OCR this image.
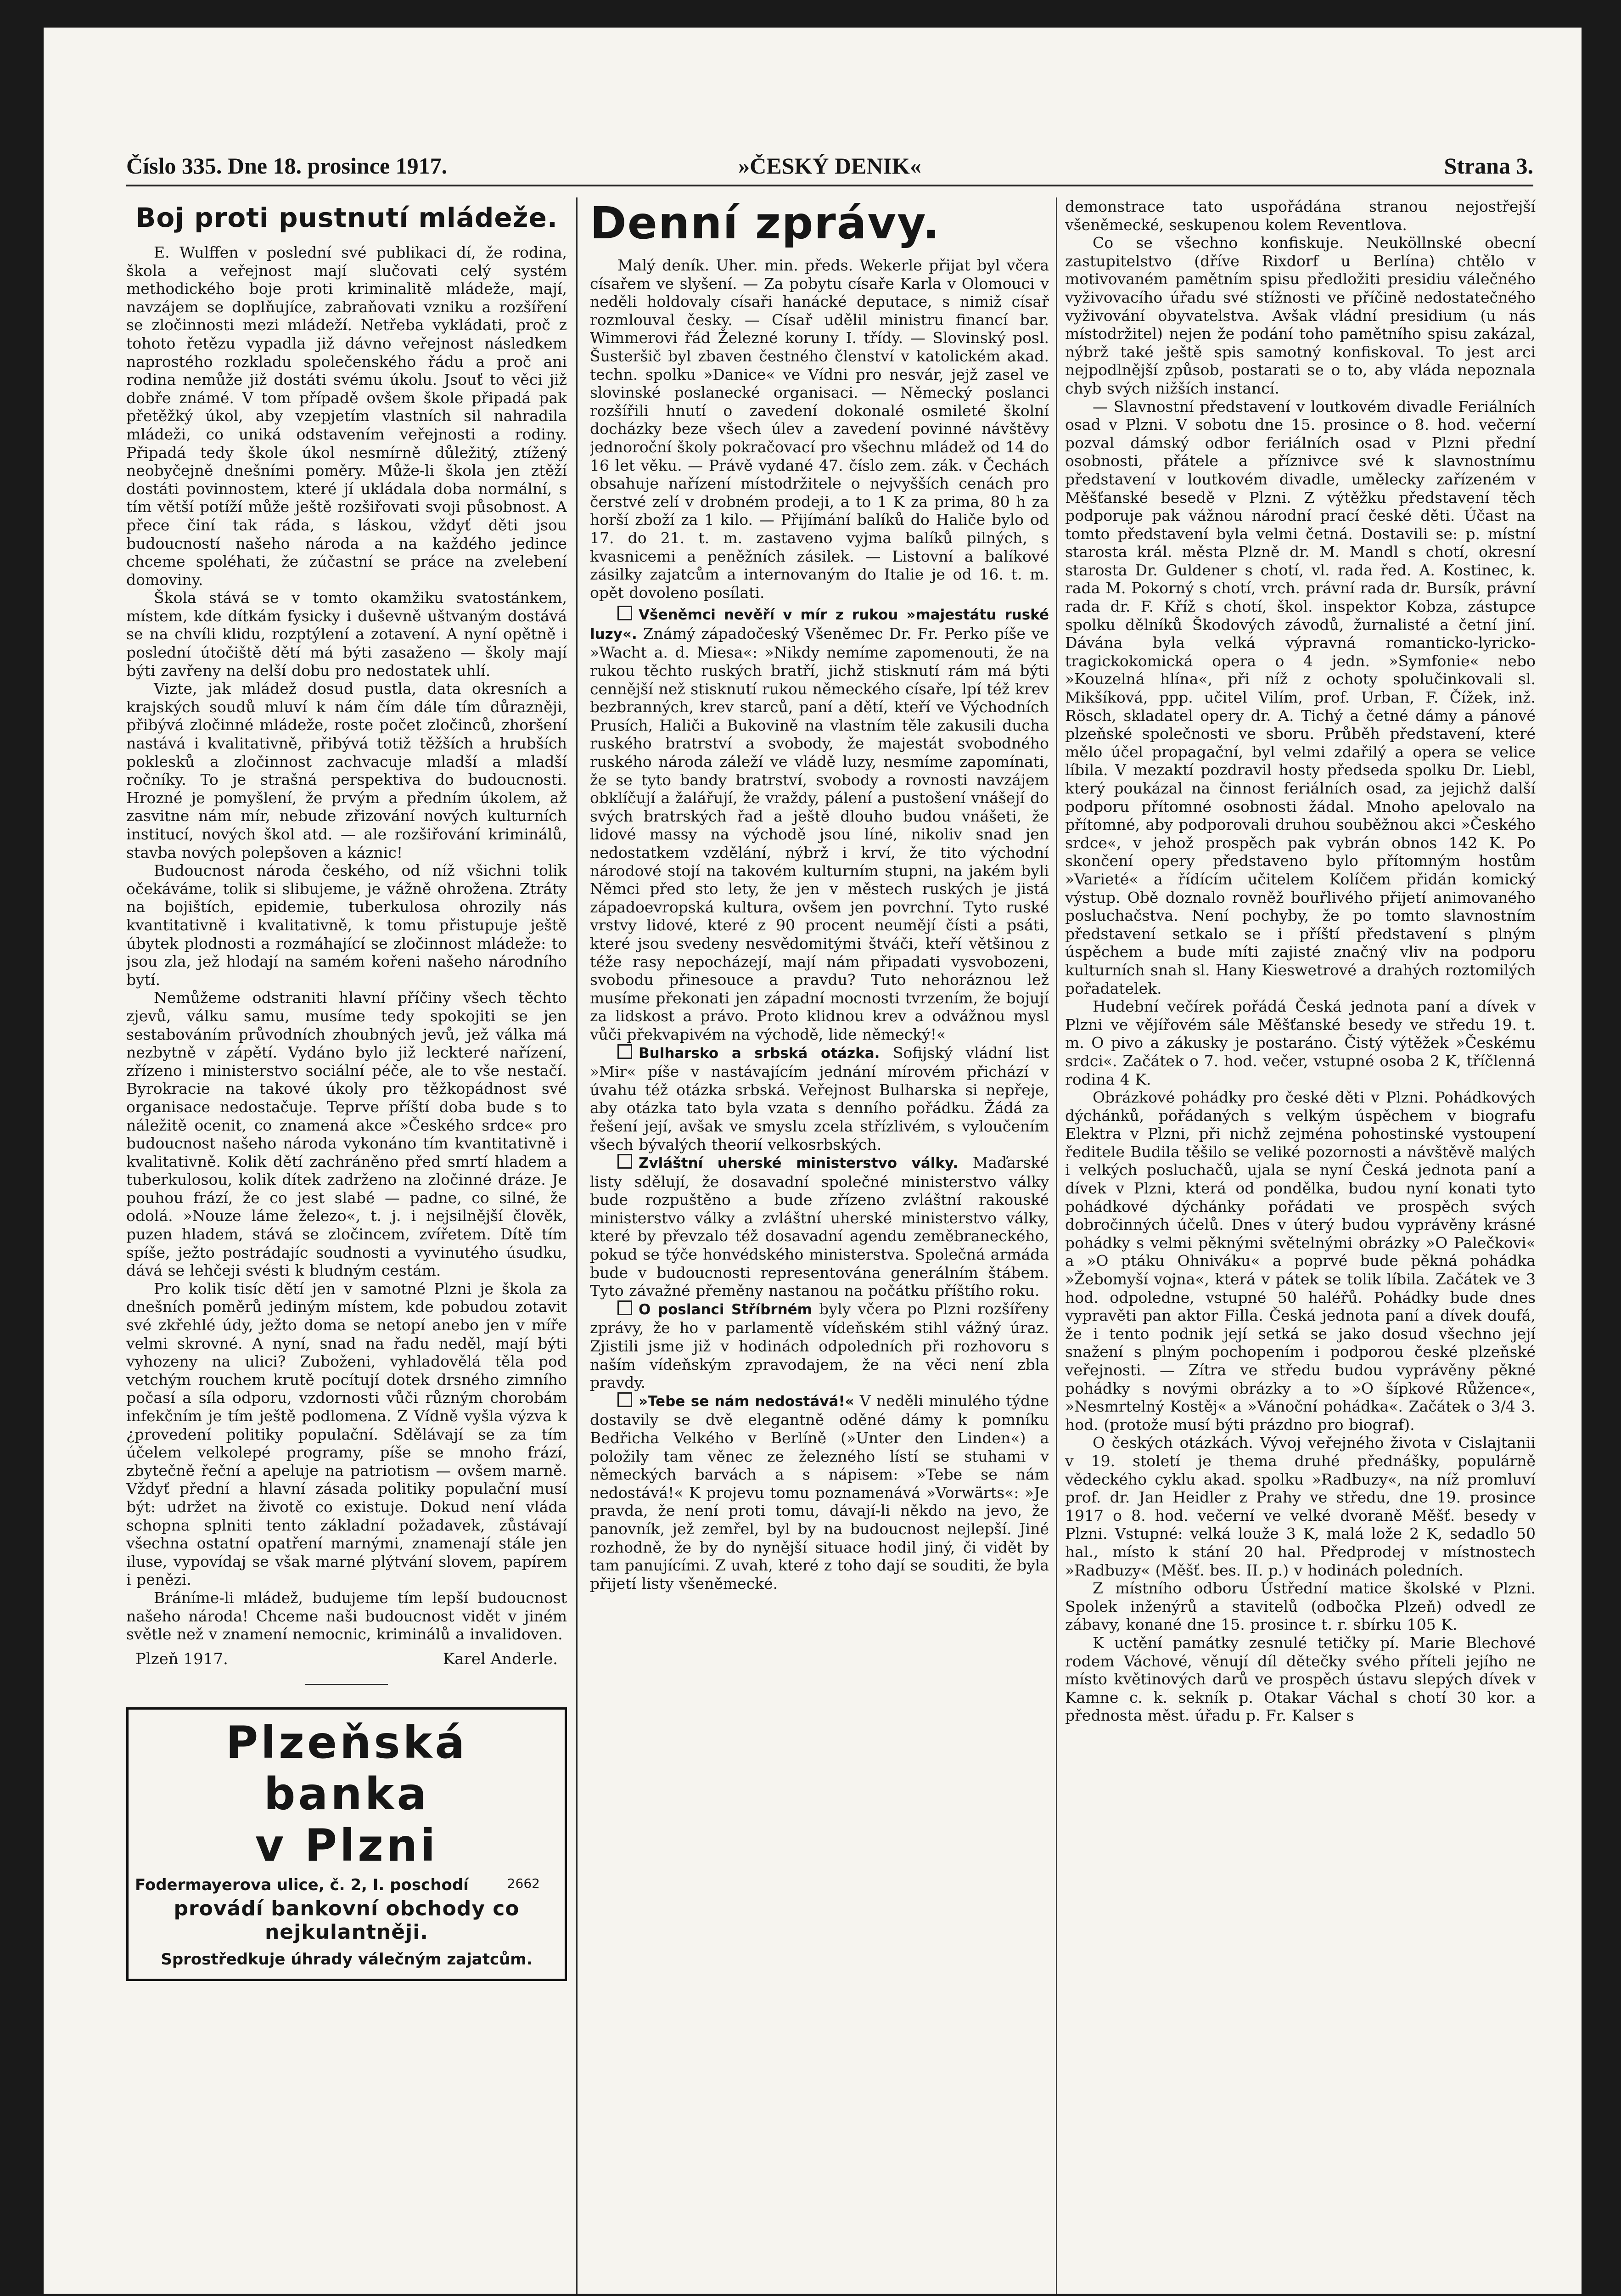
Číslo 335. Dne 18. prosince 1917.	»ČESKÝ DENIK«	Strana 3.
Boj proti pustnutí mládeže.

E. Wulffen v poslední své publikaci dí, že rodina, škola a veřejnost mají slučovati celý systém methodického boje proti kriminalitě mládeže, mají, navzájem se doplňujíce, zabraňovati vzniku a rozšíření se zločinnosti mezi mládeží. Netřeba vykládati, proč z tohoto řetězu vypadla již dávno veřejnost následkem naprostého rozkladu společenského řádu a proč ani rodina nemůže již dostáti svému úkolu. Jsouť to věci již dobře známé. V tom případě ovšem škole připadá pak přetěžký úkol, aby vzepjetím vlastních sil nahradila mládeži, co uniká odstavením veřejnosti a rodiny. Připadá tedy škole úkol nesmírně důležitý, ztížený neobyčejně dnešními poměry. Může-li škola jen ztěží dostáti povinnostem, které jí ukládala doba normální, s tím větší potíží může ještě rozšiřovati svoji působnost. A přece činí tak ráda, s láskou, vždyť děti jsou budoucností našeho národa a na každého jedince chceme spoléhati, že zúčastní se práce na zvelebení domoviny.

Škola stává se v tomto okamžiku svatostánkem, místem, kde dítkám fysicky i duševně uštvaným dostává se na chvíli klidu, rozptýlení a zotavení. A nyní opětně i poslední útočiště dětí má býti zasaženo — školy mají býti zavřeny na delší dobu pro nedostatek uhlí.

Vizte, jak mládež dosud pustla, data okresních a krajských soudů mluví k nám čím dále tím důrazněji, přibývá zločinné mládeže, roste počet zločinců, zhoršení nastává i kvalitativně, přibývá totiž těžších a hrubších poklesků a zločinnost zachvacuje mladší a mladší ročníky. To je strašná perspektiva do budoucnosti. Hrozné je pomyšlení, že prvým a předním úkolem, až zasvitne nám mír, nebude zřizování nových kulturních institucí, nových škol atd. — ale rozšiřování kriminálů, stavba nových polepšoven a káznic!

Budoucnost národa českého, od níž všichni tolik očekáváme, tolik si slibujeme, je vážně ohrožena. Ztráty na bojištích, epidemie, tuberkulosa ohrozily nás kvantitativně i kvalitativně, k tomu přistupuje ještě úbytek plodnosti a rozmáhající se zločinnost mládeže: to jsou zla, jež hlodají na samém kořeni našeho národního bytí.

Nemůžeme odstraniti hlavní příčiny všech těchto zjevů, válku samu, musíme tedy spokojiti se jen sestabováním průvodních zhoubných jevů, jež válka má nezbytně v zápětí. Vydáno bylo již leckteré nařízení, zřízeno i ministerstvo sociální péče, ale to vše nestačí. Byrokracie na takové úkoly pro těžkopádnost své organisace nedostačuje. Teprve příští doba bude s to náležitě ocenit, co znamená akce »Českého srdce« pro budoucnost našeho národa vykonáno tím kvantitativně i kvalitativně. Kolik dětí zachráněno před smrtí hladem a tuberkulosou, kolik dítek zadrženo na zločinné dráze. Je pouhou frází, že co jest slabé — padne, co silné, že odolá. »Nouze láme železo«, t. j. i nejsilnější člověk, puzen hladem, stává se zločincem, zvířetem. Dítě tím spíše, ježto postrádajíc soudnosti a vyvinutého úsudku, dává se lehčeji svésti k bludným cestám.

Pro kolik tisíc dětí jen v samotné Plzni je škola za dnešních poměrů jediným místem, kde pobudou zotavit své zkřehlé údy, ježto doma se netopí anebo jen v míře velmi skrovné. A nyní, snad na řadu neděl, mají býti vyhozeny na ulici? Zuboženi, vyhladovělá těla pod vetchým rouchem krutě pocítují dotek drsného zimního počasí a síla odporu, vzdornosti vůči různým chorobám infekčním je tím ještě podlomena. Z Vídně vyšla výzva k ¿provedení politiky populační. Sdělávají se za tím účelem velkolepé programy, píše se mnoho frází, zbytečně řeční a apeluje na patriotism — ovšem marně. Vždyť přední a hlavní zásada politiky populační musí být: udržet na životě co existuje. Dokud není vláda schopna splniti tento základní požadavek, zůstávají všechna ostatní opatření marnými, znamenají stále jen iluse, vypovídaj se však marné plýtvání slovem, papírem i penězi.

Bráníme-li mládež, budujeme tím lepší budoucnost našeho národa! Chceme naši budoucnost vidět v jiném světle než v znamení nemocnic, kriminálů a invalidoven.

Plzeň 1917.	Karel Anderle.
Plzeňská banka
v Plzni
Fodermayerova ulice, č. 2, I. poschodí	2662
provádí bankovní obchody co nejkulantněji.
Sprostředkuje úhrady válečným zajatcům.
Denní zprávy.

Malý deník. Uher. min. předs. Wekerle přijat byl včera císařem ve slyšení. — Za pobytu císaře Karla v Olomouci v neděli holdovaly císaři hanácké deputace, s nimiž císař rozmlouval česky. — Císař udělil ministru financí bar. Wimmerovi řád Železné koruny I. třídy. — Slovinský posl. Šusteršič byl zbaven čestného členství v katolickém akad. techn. spolku »Danice« ve Vídni pro nesvár, jejž zasel ve slovinské poslanecké organisaci. — Německý poslanci rozšířili hnutí o zavedení dokonalé osmileté školní docházky beze všech úlev a zavedení povinné návštěvy jednoroční školy pokračovací pro všechnu mládež od 14 do 16 let věku. — Právě vydané 47. číslo zem. zák. v Čechách obsahuje nařízení místodržitele o nejvyšších cenách pro čerstvé zelí v drobném prodeji, a to 1 K za prima, 80 h za horší zboží za 1 kilo. — Přijímání balíků do Haliče bylo od 17. do 21. t. m. zastaveno vyjma balíků pilných, s kvasnicemi a peněžních zásilek. — Listovní a balíkové zásilky zajatcům a internovaným do Italie je od 16. t. m. opět dovoleno posílati.

Všeněmci nevěří v mír z rukou »majestátu ruské luzy«. Známý západočeský Všeněmec Dr. Fr. Perko píše ve »Wacht a. d. Miesa«: »Nikdy nemíme zapomenouti, že na rukou těchto ruských bratří, jichž stisknutí rám má býti cennější než stisknutí rukou německého císaře, lpí též krev bezbranných, krev starců, paní a dětí, kteří ve Východních Prusích, Haliči a Bukovině na vlastním těle zakusili ducha ruského bratrství a svobody, že majestát svobodného ruského národa záleží ve vládě luzy, nesmíme zapomínati, že se tyto bandy bratrství, svobody a rovnosti navzájem obklíčují a žalářují, že vraždy, pálení a pustošení vnášejí do svých bratrských řad a ještě dlouho budou vnášeti, že lidové massy na východě jsou líné, nikoliv snad jen nedostatkem vzdělání, nýbrž i krví, že tito východní národové stojí na takovém kulturním stupni, na jakém byli Němci před sto lety, že jen v městech ruských je jistá západoevropská kultura, ovšem jen povrchní. Tyto ruské vrstvy lidové, které z 90 procent neumějí čísti a psáti, které jsou svedeny nesvědomitými štváči, kteří většinou z téže rasy nepocházejí, mají nám připadati vysvobozeni, svobodu přinesouce a pravdu? Tuto nehoráznou lež musíme překonati jen západní mocnosti tvrzením, že bojují za lidskost a právo. Proto klidnou krev a odvážnou mysl vůči překvapivém na východě, lide německý!«

Bulharsko a srbská otázka. Sofijský vládní list »Mir« píše v nastávajícím jednání mírovém přichází v úvahu též otázka srbská. Veřejnost Bulharska si nepřeje, aby otázka tato byla vzata s denního pořádku. Žádá za řešení její, avšak ve smyslu zcela střízlivém, s vyloučením všech bývalých theorií velkosrbských.

Zvláštní uherské ministerstvo války. Maďarské listy sdělují, že dosavadní společné ministerstvo války bude rozpuštěno a bude zřízeno zvláštní rakouské ministerstvo války a zvláštní uherské ministerstvo války, které by převzalo též dosavadní agendu zeměbraneckého, pokud se týče honvédského ministerstva. Společná armáda bude v budoucnosti representována generálním štábem. Tyto závažné přeměny nastanou na počátku příštího roku.

O poslanci Stříbrném byly včera po Plzni rozšířeny zprávy, že ho v parlamentě vídeňském stihl vážný úraz. Zjistili jsme již v hodinách odpoledních při rozhovoru s naším vídeňským zpravodajem, že na věci není zbla pravdy.

»Tebe se nám nedostává!« V neděli minulého týdne dostavily se dvě elegantně oděné dámy k pomníku Bedřicha Velkého v Berlíně (»Unter den Linden«) a položily tam věnec ze železného lístí se stuhami v německých barvách a s nápisem: »Tebe se nám nedostává!« K projevu tomu poznamenává »Vorwärts«: »Je pravda, že není proti tomu, dávají-li někdo na jevo, že panovník, jež zemřel, byl by na budoucnost nejlepší. Jiné rozhodně, že by do nynější situace hodil jiný, či vidět by tam panujícími. Z uvah, které z toho dají se souditi, že byla přijetí listy všeněmecké.

demonstrace tato uspořádána stranou nejostřejší všeněmecké, seskupenou kolem Reventlova.

Co se všechno konfiskuje. Neuköllnské obecní zastupitelstvo (dříve Rixdorf u Berlína) chtělo v motivovaném pamětním spisu předložiti presidiu válečného vyživovacího úřadu své stížnosti ve příčině nedostatečného vyživování obyvatelstva. Avšak vládní presidium (u nás místodržitel) nejen že podání toho pamětního spisu zakázal, nýbrž také ještě spis samotný konfiskoval. To jest arci nejpodlnější způsob, postarati se o to, aby vláda nepoznala chyb svých nižších instancí.

— Slavnostní představení v loutkovém divadle Feriálních osad v Plzni. V sobotu dne 15. prosince o 8. hod. večerní pozval dámský odbor feriálních osad v Plzni přední osobnosti, přátele a příznivce své k slavnostnímu představení v loutkovém divadle, umělecky zařízeném v Měšťanské besedě v Plzni. Z výtěžku představení těch podporuje pak vážnou národní prací české děti. Účast na tomto představení byla velmi četná. Dostavili se: p. místní starosta král. města Plzně dr. M. Mandl s chotí, okresní starosta Dr. Guldener s chotí, vl. rada řed. A. Kostinec, k. rada M. Pokorný s chotí, vrch. právní rada dr. Bursík, právní rada dr. F. Kříž s chotí, škol. inspektor Kobza, zástupce spolku dělníků Škodových závodů, žurnalisté a četní jiní. Dávána byla velká výpravná romanticko-lyricko-tragickokomická opera o 4 jedn. »Symfonie« nebo »Kouzelná hlína«, při níž z ochoty spolučinkovali sl. Mikšíková, ppp. učitel Vilím, prof. Urban, F. Čížek, inž. Rösch, skladatel opery dr. A. Tichý a četné dámy a pánové plzeňské společnosti ve sboru. Průběh představení, které mělo účel propagační, byl velmi zdařilý a opera se velice líbila. V mezaktí pozdravil hosty předseda spolku Dr. Liebl, který poukázal na činnost feriálních osad, za jejichž další podporu přítomné osobnosti žádal. Mnoho apelovalo na přítomné, aby podporovali druhou souběžnou akci »Českého srdce«, v jehož prospěch pak vybrán obnos 142 K. Po skončení opery představeno bylo přítomným hostům »Varieté« a řídícím učitelem Kolíčem přidán komický výstup. Obě doznalo rovněž bouřlivého přijetí animovaného posluchačstva. Není pochyby, že po tomto slavnostním představení setkalo se i příští představení s plným úspěchem a bude míti zajisté značný vliv na podporu kulturních snah sl. Hany Kieswetrové a drahých roztomilých pořadatelek.

Hudební večírek pořádá Česká jednota paní a dívek v Plzni ve vějířovém sále Měšťanské besedy ve středu 19. t. m. O pivo a zákusky je postaráno. Čistý výtěžek »Českému srdci«. Začátek o 7. hod. večer, vstupné osoba 2 K, tříčlenná rodina 4 K.

Obrázkové pohádky pro české děti v Plzni. Pohádkových dýchánků, pořádaných s velkým úspěchem v biografu Elektra v Plzni, při nichž zejména pohostinské vystoupení ředitele Budila těšilo se veliké pozornosti a návštěvě malých i velkých posluchačů, ujala se nyní Česká jednota paní a dívek v Plzni, která od pondělka, budou nyní konati tyto pohádkové dýchánky pořádati ve prospěch svých dobročinných účelů. Dnes v úterý budou vyprávěny krásné pohádky s velmi pěknými světelnými obrázky »O Palečkovi« a »O ptáku Ohniváku« a poprvé bude pěkná pohádka »Žebomyší vojna«, která v pátek se tolik líbila. Začátek ve 3 hod. odpoledne, vstupné 50 haléřů. Pohádky bude dnes vypravěti pan aktor Filla. Česká jednota paní a dívek doufá, že i tento podnik její setká se jako dosud všechno její snažení s plným pochopením i podporou české plzeňské veřejnosti. — Zítra ve středu budou vyprávěny pěkné pohádky s novými obrázky a to »O šípkové Růžence«, »Nesmrtelný Kostěj« a »Vánoční pohádka«. Začátek o 3/4 3. hod. (protože musí býti prázdno pro biograf).

O českých otázkách. Vývoj veřejného života v Cislajtanii v 19. století je thema druhé přednášky, populárně vědeckého cyklu akad. spolku »Radbuzy«, na níž promluví prof. dr. Jan Heidler z Prahy ve středu, dne 19. prosince 1917 o 8. hod. večerní ve velké dvoraně Měšť. besedy v Plzni. Vstupné: velká louže 3 K, malá lože 2 K, sedadlo 50 hal., místo k stání 20 hal. Předprodej v místnostech »Radbuzy« (Měšť. bes. II. p.) v hodinách poledních.

Z místního odboru Ústřední matice školské v Plzni. Spolek inženýrů a stavitelů (odbočka Plzeň) odvedl ze zábavy, konané dne 15. prosince t. r. sbírku 105 K.

K uctění památky zesnulé tetičky pí. Marie Blechové rodem Váchové, věnují díl dětečky svého příteli jejího ne místo květinových darů ve prospěch ústavu slepých dívek v Kamne c. k. sekník p. Otakar Váchal s chotí 30 kor. a přednosta měst. úřadu p. Fr. Kalser s
